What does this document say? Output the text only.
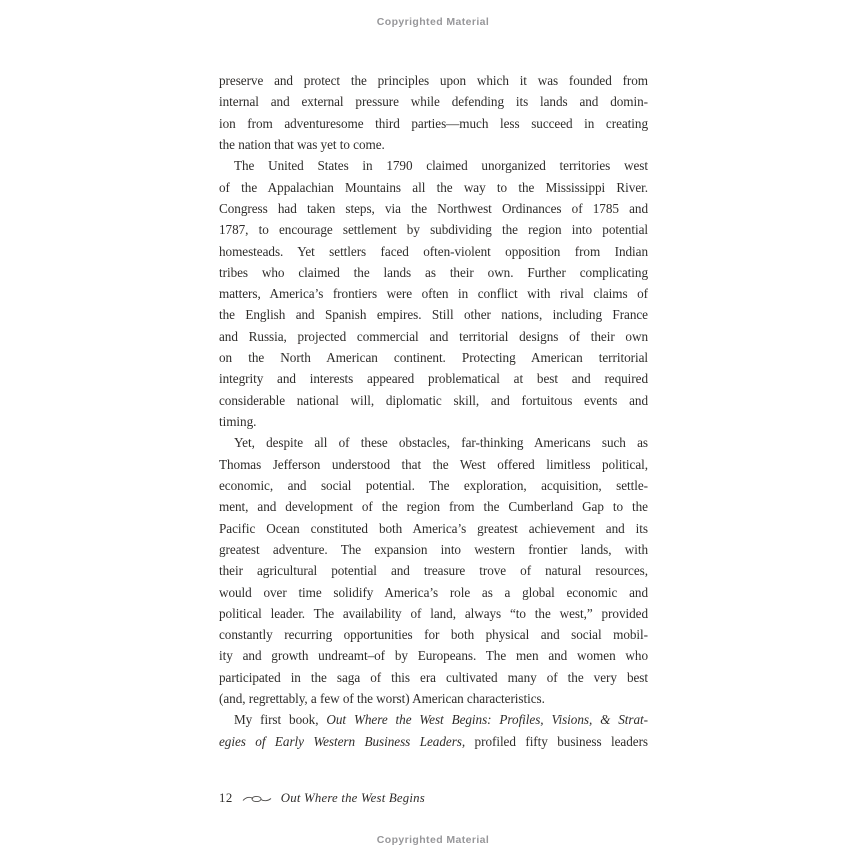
Copyrighted Material
preserve and protect the principles upon which it was founded from
internal and external pressure while defending its lands and domin-
ion from adventuresome third parties—much less succeed in creating
the nation that was yet to come.
The United States in 1790 claimed unorganized territories west
of the Appalachian Mountains all the way to the Mississippi River.
Congress had taken steps, via the Northwest Ordinances of 1785 and
1787, to encourage settlement by subdividing the region into potential
homesteads. Yet settlers faced often-violent opposition from Indian
tribes who claimed the lands as their own. Further complicating
matters, America’s frontiers were often in conflict with rival claims of
the English and Spanish empires. Still other nations, including France
and Russia, projected commercial and territorial designs of their own
on the North American continent. Protecting American territorial
integrity and interests appeared problematical at best and required
considerable national will, diplomatic skill, and fortuitous events and
timing.
Yet, despite all of these obstacles, far-thinking Americans such as
Thomas Jefferson understood that the West offered limitless political,
economic, and social potential. The exploration, acquisition, settle-
ment, and development of the region from the Cumberland Gap to the
Pacific Ocean constituted both America’s greatest achievement and its
greatest adventure. The expansion into western frontier lands, with
their agricultural potential and treasure trove of natural resources,
would over time solidify America’s role as a global economic and
political leader. The availability of land, always “to the west,” provided
constantly recurring opportunities for both physical and social mobil-
ity and growth undreamt–of by Europeans. The men and women who
participated in the saga of this era cultivated many of the very best
(and, regrettably, a few of the worst) American characteristics.
My first book, Out Where the West Begins: Profiles, Visions, & Strat-
egies of Early Western Business Leaders, profiled fifty business leaders
12	Out Where the West Begins
Copyrighted Material
